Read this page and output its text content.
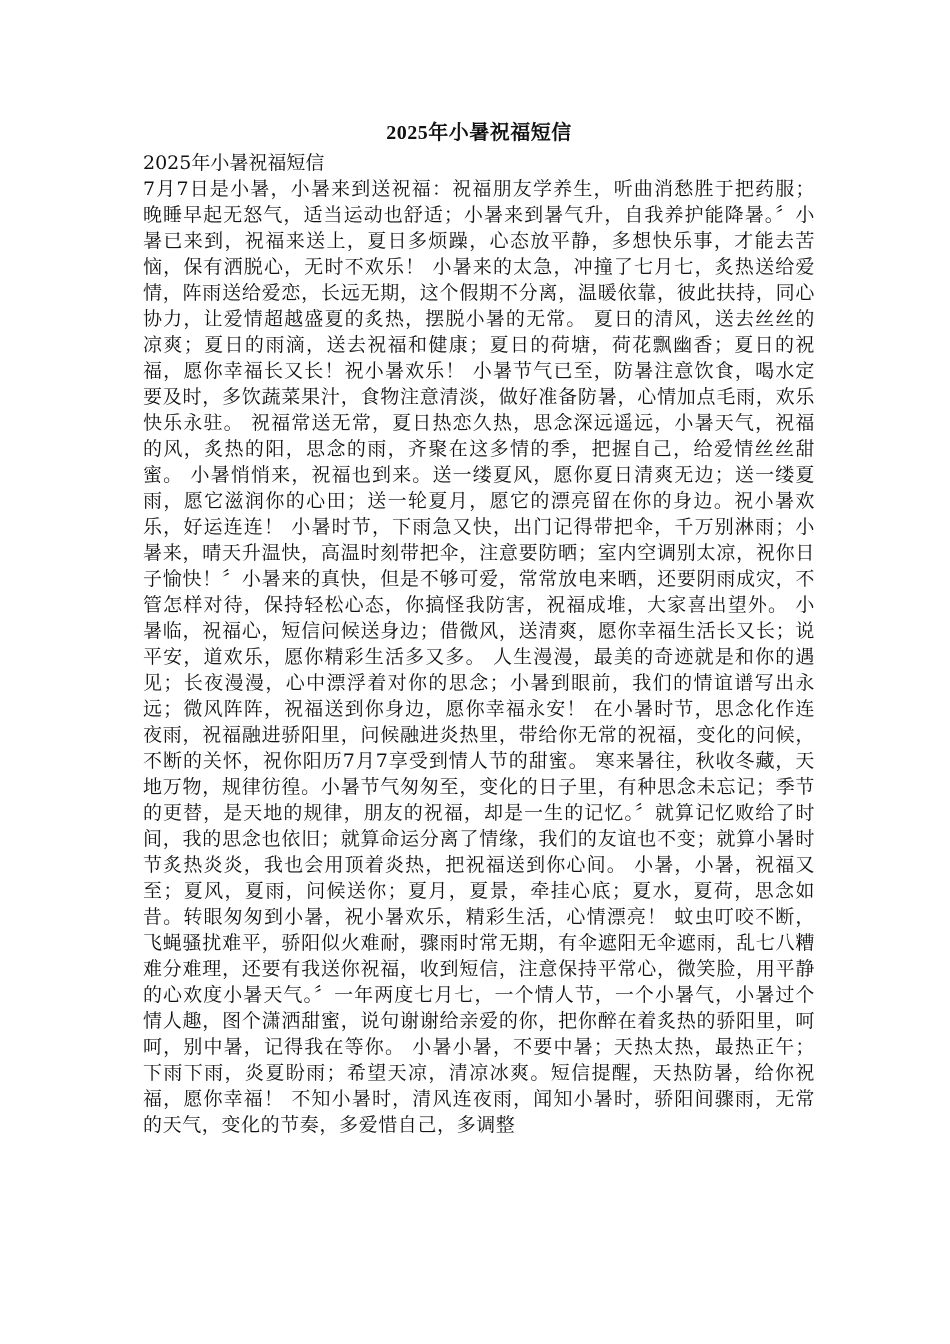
2025年小暑祝福短信

2025年小暑祝福短信

7月7日是小暑，小暑来到送祝福：祝福朋友学养生，听曲消愁胜于把药服；晚睡早起无怒气，适当运动也舒适；小暑来到暑气升，自我养护能降暑。〞小暑已来到，祝福来送上，夏日多烦躁，心态放平静，多想快乐事，才能去苦恼，保有洒脱心，无时不欢乐！ 小暑来的太急，冲撞了七月七，炙热送给爱情，阵雨送给爱恋，长远无期，这个假期不分离，温暖依靠，彼此扶持，同心协力，让爱情超越盛夏的炙热，摆脱小暑的无常。 夏日的清风，送去丝丝的凉爽；夏日的雨滴，送去祝福和健康；夏日的荷塘，荷花飘幽香；夏日的祝福，愿你幸福长又长！祝小暑欢乐！ 小暑节气已至，防暑注意饮食，喝水定要及时，多饮蔬菜果汁，食物注意清淡，做好准备防暑，心情加点毛雨，欢乐快乐永驻。 祝福常送无常，夏日热恋久热，思念深远遥远，小暑天气，祝福的风，炙热的阳，思念的雨，齐聚在这多情的季，把握自己，给爱情丝丝甜蜜。 小暑悄悄来，祝福也到来。送一缕夏风，愿你夏日清爽无边；送一缕夏雨，愿它滋润你的心田；送一轮夏月，愿它的漂亮留在你的身边。祝小暑欢乐，好运连连！ 小暑时节，下雨急又快，出门记得带把伞，千万别淋雨；小暑来，晴天升温快，高温时刻带把伞，注意要防晒；室内空调别太凉，祝你日子愉快！〞小暑来的真快，但是不够可爱，常常放电来晒，还要阴雨成灾，不管怎样对待，保持轻松心态，你搞怪我防害，祝福成堆，大家喜出望外。 小暑临，祝福心，短信问候送身边；借微风，送清爽，愿你幸福生活长又长；说平安，道欢乐，愿你精彩生活多又多。 人生漫漫，最美的奇迹就是和你的遇见；长夜漫漫，心中漂浮着对你的思念；小暑到眼前，我们的情谊谱写出永远；微风阵阵，祝福送到你身边，愿你幸福永安！ 在小暑时节，思念化作连夜雨，祝福融进骄阳里，问候融进炎热里，带给你无常的祝福，变化的问候，不断的关怀，祝你阳历7月7享受到情人节的甜蜜。 寒来暑往，秋收冬藏，天地万物，规律彷徨。小暑节气匆匆至，变化的日子里，有种思念未忘记；季节的更替，是天地的规律，朋友的祝福，却是一生的记忆。〞就算记忆败给了时间，我的思念也依旧；就算命运分离了情缘，我们的友谊也不变；就算小暑时节炙热炎炎，我也会用顶着炎热，把祝福送到你心间。 小暑，小暑，祝福又至；夏风，夏雨，问候送你；夏月，夏景，牵挂心底；夏水，夏荷，思念如昔。转眼匆匆到小暑，祝小暑欢乐，精彩生活，心情漂亮！ 蚊虫叮咬不断，飞蝇骚扰难平，骄阳似火难耐，骤雨时常无期，有伞遮阳无伞遮雨，乱七八糟难分难理，还要有我送你祝福，收到短信，注意保持平常心，微笑脸，用平静的心欢度小暑天气。〞一年两度七月七，一个情人节，一个小暑气，小暑过个情人趣，图个潇洒甜蜜，说句谢谢给亲爱的你，把你醉在着炙热的骄阳里，呵呵，别中暑，记得我在等你。 小暑小暑，不要中暑；天热太热，最热正午；下雨下雨，炎夏盼雨；希望天凉，清凉冰爽。短信提醒，天热防暑，给你祝福，愿你幸福！ 不知小暑时，清风连夜雨，闻知小暑时，骄阳间骤雨，无常的天气，变化的节奏，多爱惜自己，多调整
